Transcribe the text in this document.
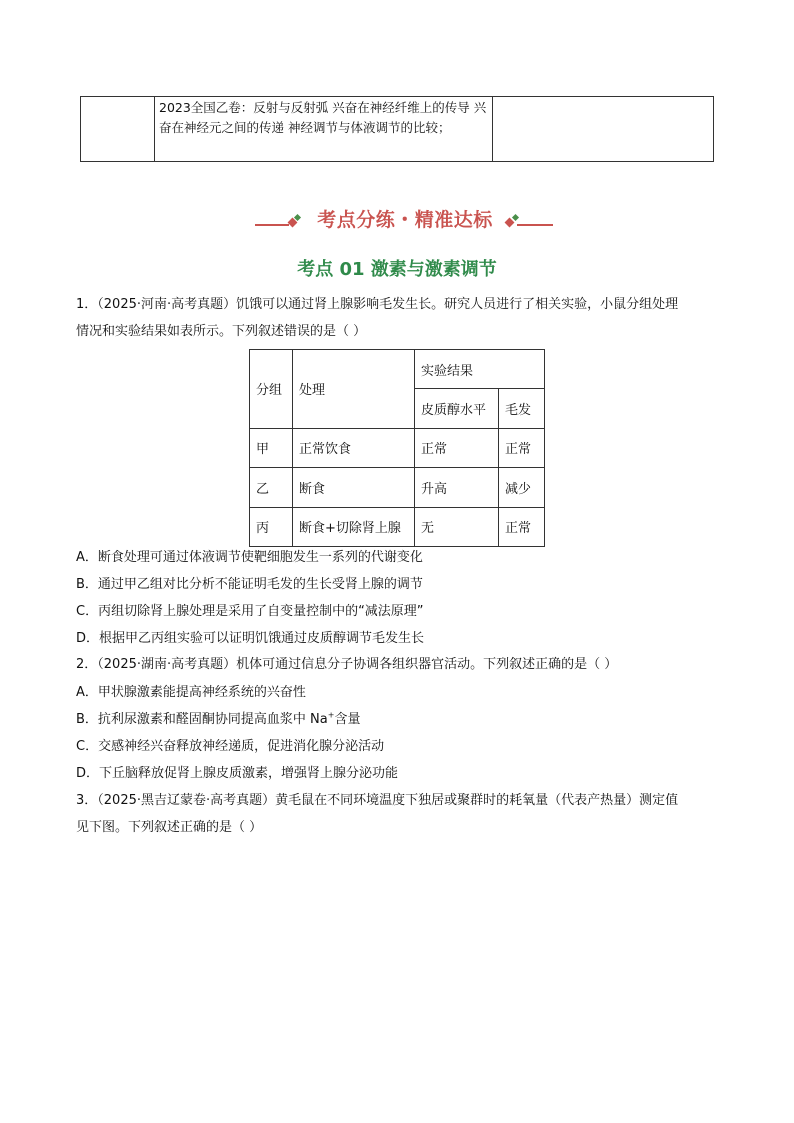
2023全国乙卷：反射与反射弧 兴奋在神经纤维上的传导 兴奋在神经元之间的传递 神经调节与体液调节的比较；

考点分练・精准达标
考点 01 激素与激素调节
1．（2025·河南·高考真题）饥饿可以通过肾上腺影响毛发生长。研究人员进行了相关实验，小鼠分组处理
情况和实验结果如表所示。下列叙述错误的是（ ）
分组	处理	实验结果	
		皮质醇水平	毛发
甲	正常饮食	正常	正常
乙	断食	升高	减少
丙	断食+切除肾上腺	无	正常
A．断食处理可通过体液调节使靶细胞发生一系列的代谢变化
B．通过甲乙组对比分析不能证明毛发的生长受肾上腺的调节
C．丙组切除肾上腺处理是采用了自变量控制中的“减法原理”
D．根据甲乙丙组实验可以证明饥饿通过皮质醇调节毛发生长
2．（2025·湖南·高考真题）机体可通过信息分子协调各组织器官活动。下列叙述正确的是（ ）
A．甲状腺激素能提高神经系统的兴奋性
B．抗利尿激素和醛固酮协同提高血浆中 Na+含量
C．交感神经兴奋释放神经递质，促进消化腺分泌活动
D．下丘脑释放促肾上腺皮质激素，增强肾上腺分泌功能
3．（2025·黑吉辽蒙卷·高考真题）黄毛鼠在不同环境温度下独居或聚群时的耗氧量（代表产热量）测定值
见下图。下列叙述正确的是（ ）
